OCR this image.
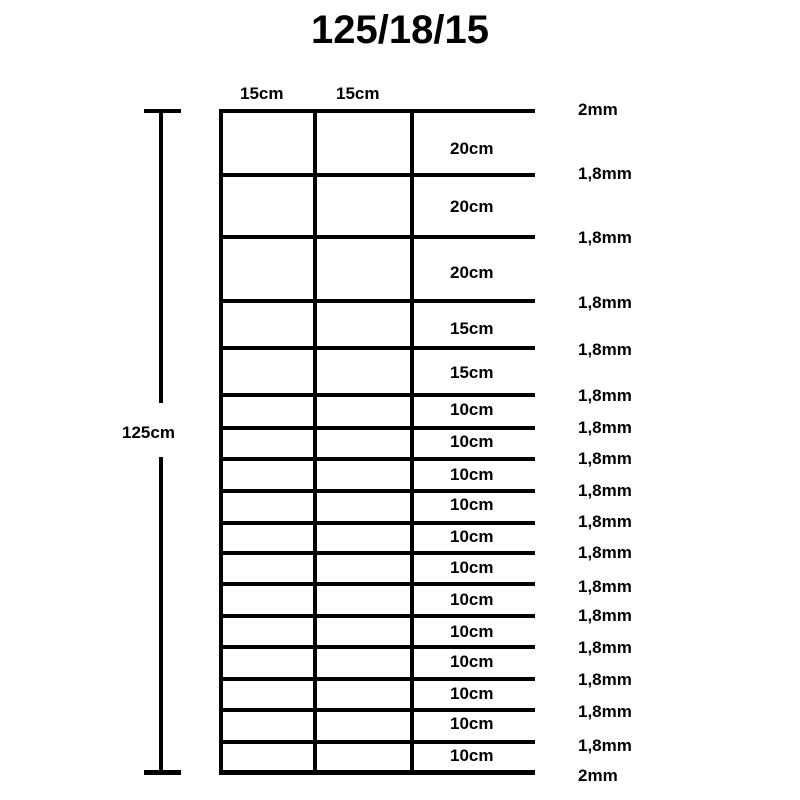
125/18/15
15cm	15cm
125cm
20cm
20cm
20cm
15cm
15cm
10cm
10cm
10cm
10cm
10cm
10cm
10cm
10cm
10cm
10cm
10cm
10cm
2mm
1,8mm
1,8mm
1,8mm
1,8mm
1,8mm
1,8mm
1,8mm
1,8mm
1,8mm
1,8mm
1,8mm
1,8mm
1,8mm
1,8mm
1,8mm
1,8mm
2mm
